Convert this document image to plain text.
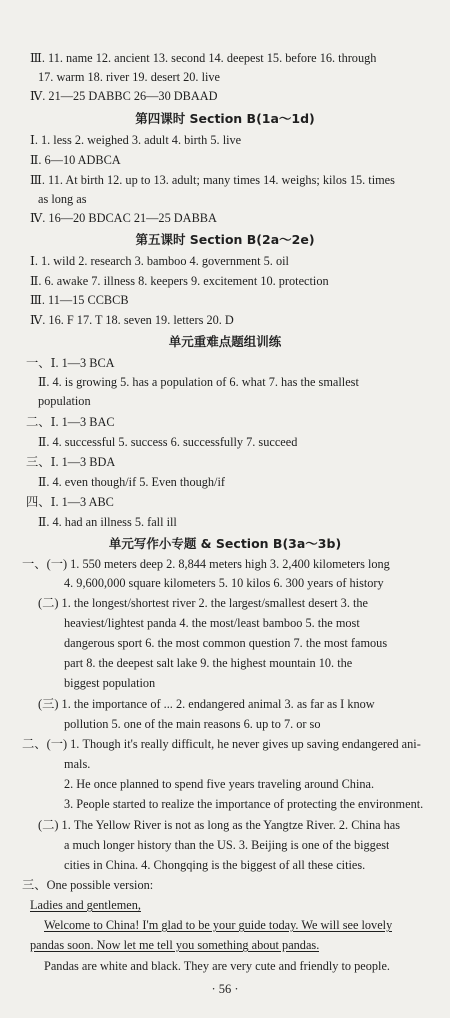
Ⅲ. 11. name 12. ancient 13. second 14. deepest 15. before 16. through
17. warm 18. river 19. desert 20. live
Ⅳ. 21—25 DABBC 26—30 DBAAD
第四课时 Section B(1a～1d)
Ⅰ. 1. less 2. weighed 3. adult 4. birth 5. live
Ⅱ. 6—10 ADBCA
Ⅲ. 11. At birth 12. up to 13. adult; many times 14. weighs; kilos 15. times
as long as
Ⅳ. 16—20 BDCAC 21—25 DABBA
第五课时 Section B(2a～2e)
Ⅰ. 1. wild 2. research 3. bamboo 4. government 5. oil
Ⅱ. 6. awake 7. illness 8. keepers 9. excitement 10. protection
Ⅲ. 11—15 CCBCB
Ⅳ. 16. F 17. T 18. seven 19. letters 20. D
单元重难点题组训练
一、Ⅰ. 1—3 BCA
Ⅱ. 4. is growing 5. has a population of 6. what 7. has the smallest
population
二、Ⅰ. 1—3 BAC
Ⅱ. 4. successful 5. success 6. successfully 7. succeed
三、Ⅰ. 1—3 BDA
Ⅱ. 4. even though/if 5. Even though/if
四、Ⅰ. 1—3 ABC
Ⅱ. 4. had an illness 5. fall ill
单元写作小专题 & Section B(3a～3b)
一、(一) 1. 550 meters deep 2. 8,844 meters high 3. 2,400 kilometers long
4. 9,600,000 square kilometers 5. 10 kilos 6. 300 years of history
(二) 1. the longest/shortest river 2. the largest/smallest desert 3. the
heaviest/lightest panda 4. the most/least bamboo 5. the most
dangerous sport 6. the most common question 7. the most famous
part 8. the deepest salt lake 9. the highest mountain 10. the
biggest population
(三) 1. the importance of ... 2. endangered animal 3. as far as I know
pollution 5. one of the main reasons 6. up to 7. or so
二、(一) 1. Though it's really difficult, he never gives up saving endangered ani-
mals.
2. He once planned to spend five years traveling around China.
3. People started to realize the importance of protecting the environment.
(二) 1. The Yellow River is not as long as the Yangtze River. 2. China has
a much longer history than the US. 3. Beijing is one of the biggest
cities in China. 4. Chongqing is the biggest of all these cities.
三、One possible version:
Ladies and gentlemen,
Welcome to China! I'm glad to be your guide today. We will see lovely
pandas soon. Now let me tell you something about pandas.
Pandas are white and black. They are very cute and friendly to people.
· 56 ·
